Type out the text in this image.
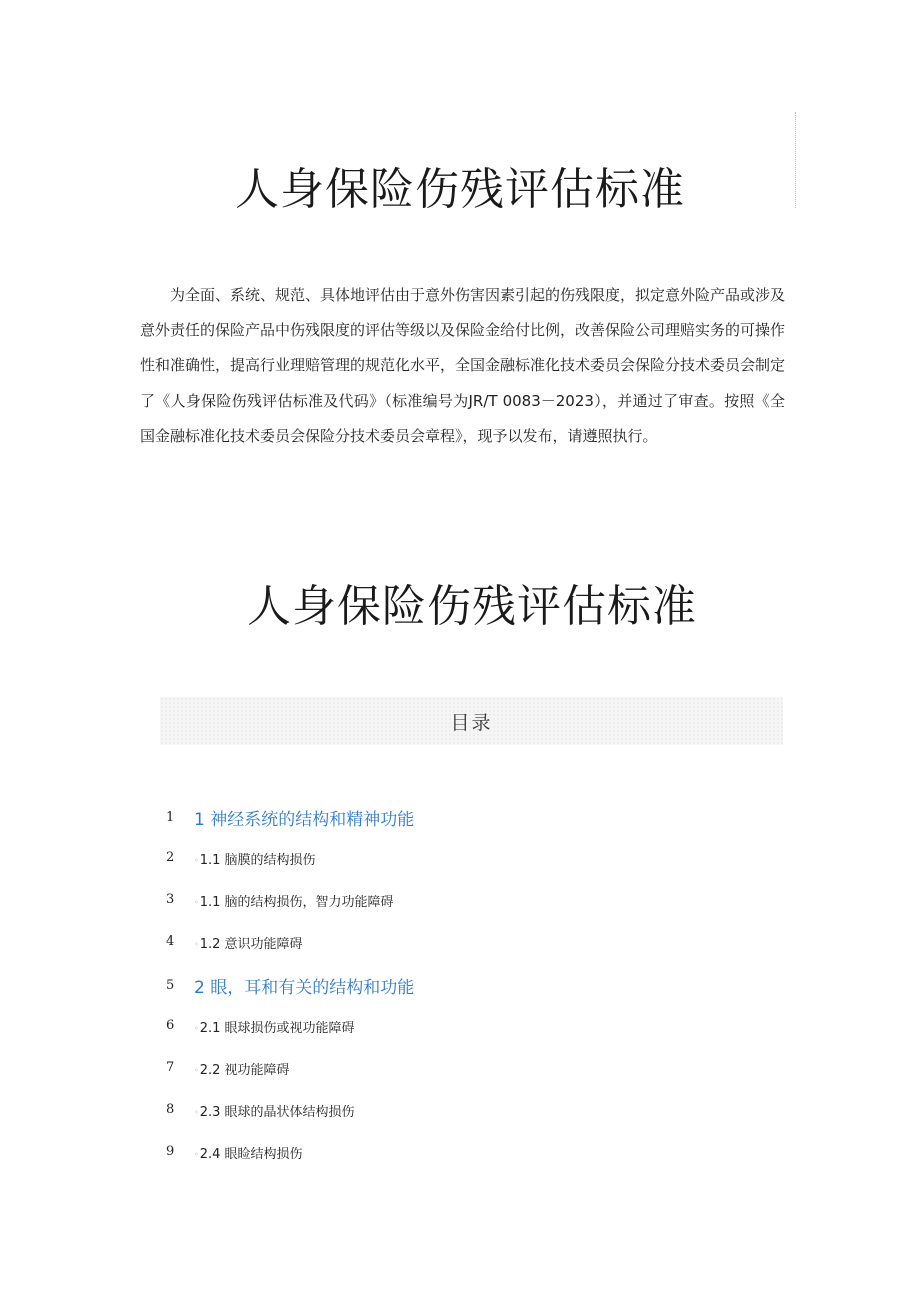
人身保险伤残评估标准

为全面、系统、规范、具体地评估由于意外伤害因素引起的伤残限度，拟定意外险产品或涉及意外责任的保险产品中伤残限度的评估等级以及保险金给付比例，改善保险公司理赔实务的可操作性和准确性，提高行业理赔管理的规范化水平，全国金融标准化技术委员会保险分技术委员会制定了《人身保险伤残评估标准及代码》（标准编号为JR/T 0083－2023），并通过了审查。按照《全国金融标准化技术委员会保险分技术委员会章程》，现予以发布，请遵照执行。

人身保险伤残评估标准
目录
1 1 神经系统的结构和精神功能
2	◦1.1 脑膜的结构损伤
3	◦1.1 脑的结构损伤，智力功能障碍
4	◦1.2 意识功能障碍
5 2 眼，耳和有关的结构和功能
6	◦2.1 眼球损伤或视功能障碍
7	◦2.2 视功能障碍
8	◦2.3 眼球的晶状体结构损伤
9	◦2.4 眼睑结构损伤
